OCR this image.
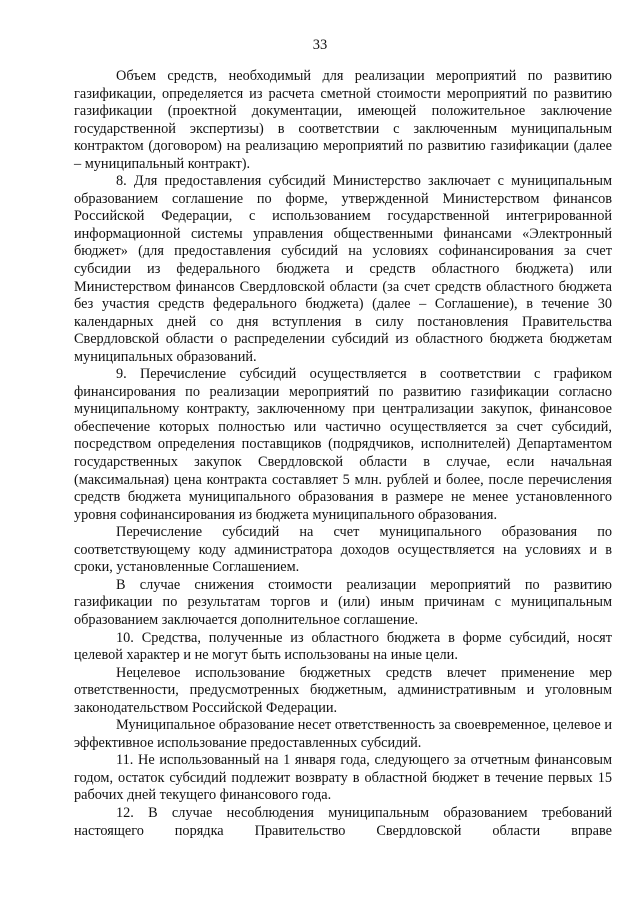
33

Объем средств, необходимый для реализации мероприятий по развитию газификации, определяется из расчета сметной стоимости мероприятий по развитию газификации (проектной документации, имеющей положительное заключение государственной экспертизы) в соответствии с заключенным муниципальным контрактом (договором) на реализацию мероприятий по развитию газификации (далее – муниципальный контракт).

8. Для предоставления субсидий Министерство заключает с муниципальным образованием соглашение по форме, утвержденной Министерством финансов Российской Федерации, с использованием государственной интегрированной информационной системы управления общественными финансами «Электронный бюджет» (для предоставления субсидий на условиях софинансирования за счет субсидии из федерального бюджета и средств областного бюджета) или Министерством финансов Свердловской области (за счет средств областного бюджета без участия средств федерального бюджета) (далее – Соглашение), в течение 30 календарных дней со дня вступления в силу постановления Правительства Свердловской области о распределении субсидий из областного бюджета бюджетам муниципальных образований.

9. Перечисление субсидий осуществляется в соответствии с графиком финансирования по реализации мероприятий по развитию газификации согласно муниципальному контракту, заключенному при централизации закупок, финансовое обеспечение которых полностью или частично осуществляется за счет субсидий, посредством определения поставщиков (подрядчиков, исполнителей) Департаментом государственных закупок Свердловской области в случае, если начальная (максимальная) цена контракта составляет 5 млн. рублей и более, после перечисления средств бюджета муниципального образования в размере не менее установленного уровня софинансирования из бюджета муниципального образования.

Перечисление субсидий на счет муниципального образования по соответствующему коду администратора доходов осуществляется на условиях и в сроки, установленные Соглашением.

В случае снижения стоимости реализации мероприятий по развитию газификации по результатам торгов и (или) иным причинам с муниципальным образованием заключается дополнительное соглашение.

10. Средства, полученные из областного бюджета в форме субсидий, носят целевой характер и не могут быть использованы на иные цели.

Нецелевое использование бюджетных средств влечет применение мер ответственности, предусмотренных бюджетным, административным и уголовным законодательством Российской Федерации.

Муниципальное образование несет ответственность за своевременное, целевое и эффективное использование предоставленных субсидий.

11. Не использованный на 1 января года, следующего за отчетным финансовым годом, остаток субсидий подлежит возврату в областной бюджет в течение первых 15 рабочих дней текущего финансового года.

12. В случае несоблюдения муниципальным образованием требований настоящего порядка Правительство Свердловской области вправе
